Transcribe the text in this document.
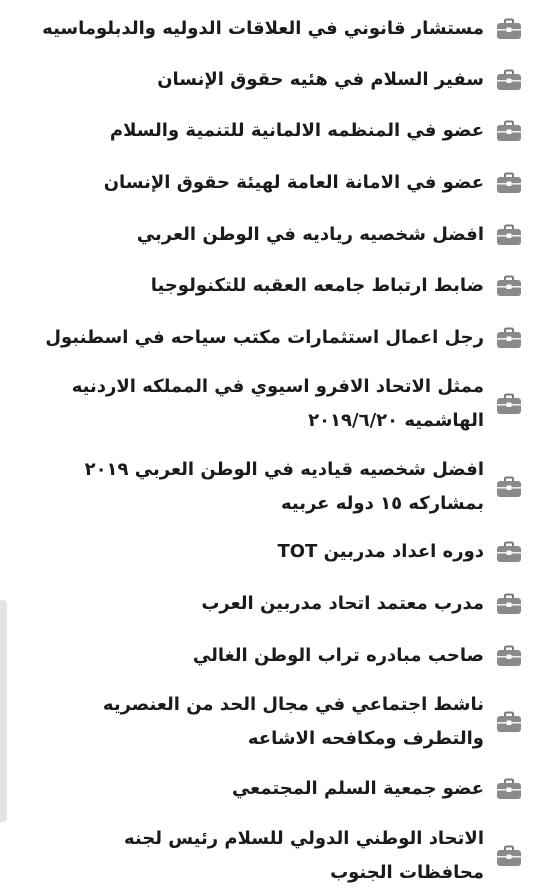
مستشار قانوني في العلاقات الدوليه والدبلوماسيه
سفير السلام في هئيه حقوق الإنسان
عضو في المنظمه الالمانية للتنمية والسلام
عضو في الامانة العامة لهيئة حقوق الإنسان
افضل شخصيه رياديه في الوطن العربي
ضابط ارتباط جامعه العقبه للتكنولوجيا
رجل اعمال استثمارات مكتب سياحه في اسطنبول
ممثل الاتحاد الافرو اسيوي في المملكه الاردنيه الهاشميه ٢٠١٩/٦/٢٠
افضل شخصيه قياديه في الوطن العربي ٢٠١٩ بمشاركه ١٥ دوله عربيه
دوره اعداد مدربين TOT
مدرب معتمد اتحاد مدربين العرب
صاحب مبادره تراب الوطن الغالي
ناشط اجتماعي في مجال الحد من العنصريه والتطرف ومكافحه الاشاعه
عضو جمعية السلم المجتمعي
الاتحاد الوطني الدولي للسلام رئيس لجنه محافظات الجنوب
